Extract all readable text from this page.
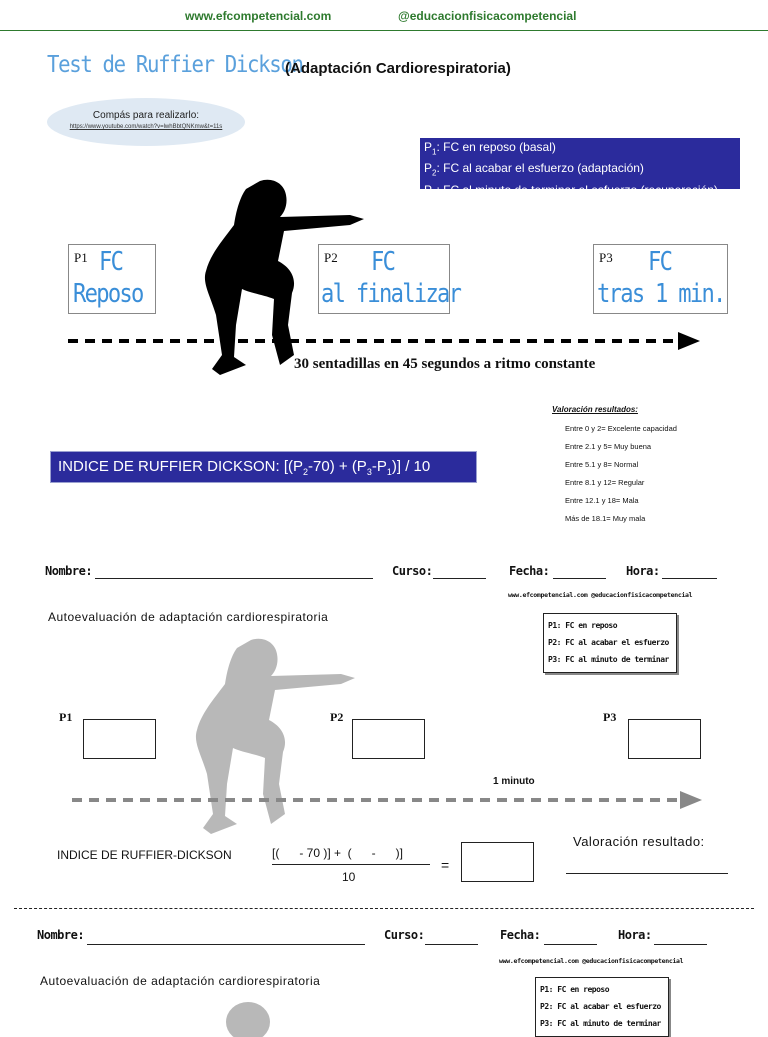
www.efcompetencial.com	@educacionfisicacompetencial
Test de Ruffier Dickson
(Adaptación Cardiorespiratoria)
Compás para realizarlo:
https://www.youtube.com/watch?v=lwhBbtQNKmw&t=11s
$P_1$: FC en reposo (basal)
$P_2$: FC al acabar el esfuerzo (adaptación)
$P_3$: FC al minuto de terminar el esfuerzo (recuperación)
P1 FC
Reposo
P2 FC
al finalizar
P3 FC
tras 1 min.
30 sentadillas en 45 segundos a ritmo constante
Valoración resultados:
Entre 0 y 2= Excelente capacidad
Entre 2.1 y 5= Muy buena
Entre 5.1 y 8= Normal
Entre 8.1 y 12= Regular
Entre 12.1 y 18= Mala
Más de 18.1= Muy mala
INDICE DE RUFFIER DICKSON: $[(P_2-70) + (P_3-P_1)] / 10$
Nombre:	Curso:	Fecha:	Hora:
www.efcompetencial.com @educacionfisicacompetencial
Autoevaluación de adaptación cardiorespiratoria
P1: FC en reposo
P2: FC al acabar el esfuerzo
P3: FC al minuto de terminar
P1	P2	P3
1 minuto
INDICE DE RUFFIER-DICKSON	[(      - 70 )] +  (      -      )]
10
=
Valoración resultado:
Nombre:	Curso:	Fecha:	Hora:
www.efcompetencial.com @educacionfisicacompetencial
Autoevaluación de adaptación cardiorespiratoria
P1: FC en reposo
P2: FC al acabar el esfuerzo
P3: FC al minuto de terminar
